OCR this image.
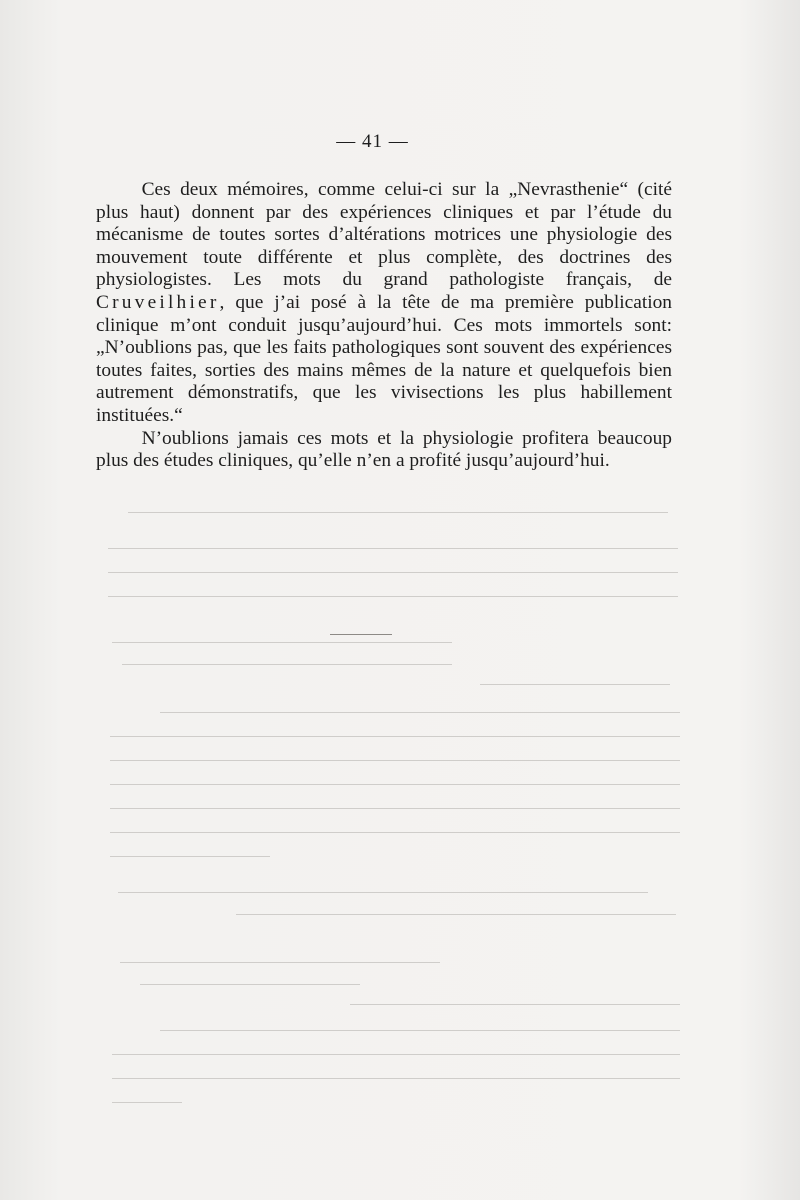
— 41 —

Ces deux mémoires, comme celui-ci sur la „Nevrasthenie“ (cité plus haut) donnent par des expériences cliniques et par l’étude du mécanisme de toutes sortes d’altérations motrices une physiologie des mouvement toute différente et plus complète, des doctrines des physiologistes. Les mots du grand pathologiste français, de Cruveilhier, que j’ai posé à la tête de ma première publication clinique m’ont conduit jusqu’aujourd’hui. Ces mots immortels sont: „N’oublions pas, que les faits pathologiques sont souvent des expériences toutes faites, sorties des mains mêmes de la nature et quelquefois bien autrement démonstratifs, que les vivisections les plus habillement instituées.“

N’oublions jamais ces mots et la physiologie profitera beaucoup plus des études cliniques, qu’elle n’en a profité jusqu’aujourd’hui.
